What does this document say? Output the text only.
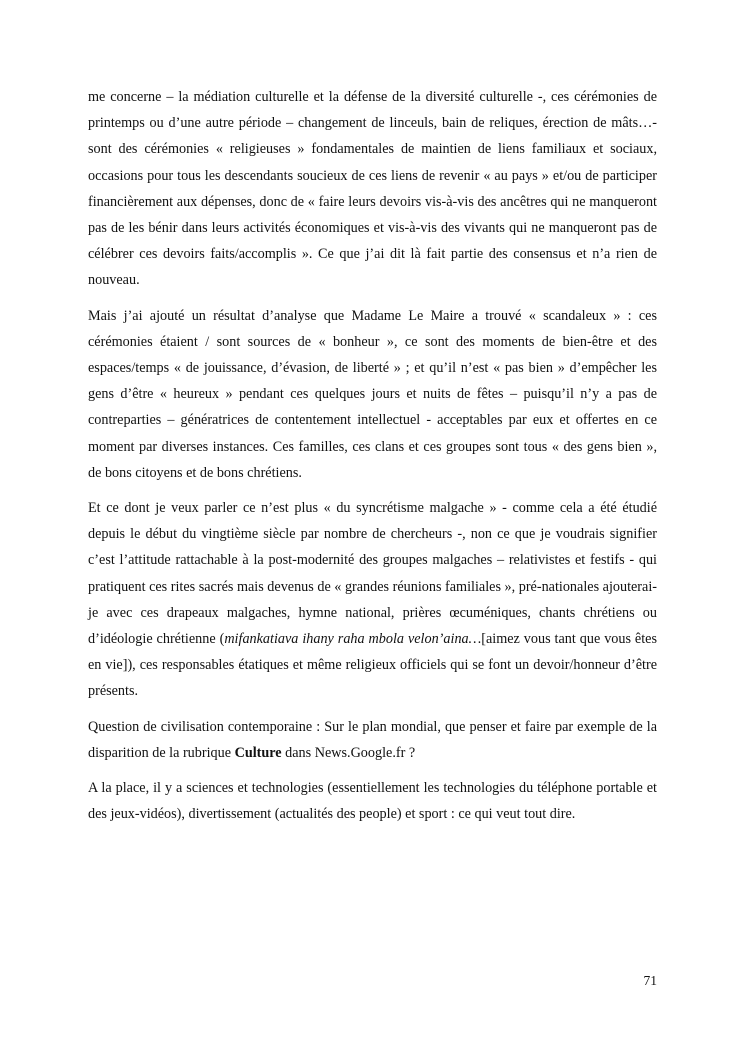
me concerne – la médiation culturelle et la défense de la diversité culturelle -, ces cérémonies de printemps ou d’une autre période – changement de linceuls, bain de reliques, érection de mâts…- sont des cérémonies « religieuses » fondamentales de maintien de liens familiaux et sociaux, occasions pour tous les descendants soucieux de ces liens de revenir « au pays » et/ou de participer financièrement aux dépenses, donc de « faire leurs devoirs vis-à-vis des ancêtres qui ne manqueront pas de les bénir dans leurs activités économiques et vis-à-vis des vivants qui ne manqueront pas de célébrer ces devoirs faits/accomplis ». Ce que j’ai dit là fait partie des consensus et n’a rien de nouveau.

Mais j’ai ajouté un résultat d’analyse que Madame Le Maire a trouvé « scandaleux » : ces cérémonies étaient / sont sources de « bonheur », ce sont des moments de bien-être et des espaces/temps « de jouissance, d’évasion, de liberté » ; et qu’il n’est « pas bien » d’empêcher les gens d’être « heureux » pendant ces quelques jours et nuits de fêtes – puisqu’il n’y a pas de contreparties – génératrices de contentement intellectuel - acceptables par eux et offertes en ce moment par diverses instances. Ces familles, ces clans et ces groupes sont tous « des gens bien », de bons citoyens et de bons chrétiens.

Et ce dont je veux parler ce n’est plus « du syncrétisme malgache » - comme cela a été étudié depuis le début du vingtième siècle par nombre de chercheurs -, non ce que je voudrais signifier c’est l’attitude rattachable à la post-modernité des groupes malgaches – relativistes et festifs - qui pratiquent ces rites sacrés mais devenus de « grandes réunions familiales », pré-nationales ajouterai-je avec ces drapeaux malgaches, hymne national, prières œcuméniques, chants chrétiens ou d’idéologie chrétienne (mifankatiava ihany raha mbola velon’aina…[aimez vous tant que vous êtes en vie]), ces responsables étatiques et même religieux officiels qui se font un devoir/honneur d’être présents.

Question de civilisation contemporaine : Sur le plan mondial, que penser et faire par exemple de la disparition de la rubrique Culture dans News.Google.fr ?

A la place, il y a sciences et technologies (essentiellement les technologies du téléphone portable et des jeux-vidéos), divertissement (actualités des people) et sport : ce qui veut tout dire.

71
